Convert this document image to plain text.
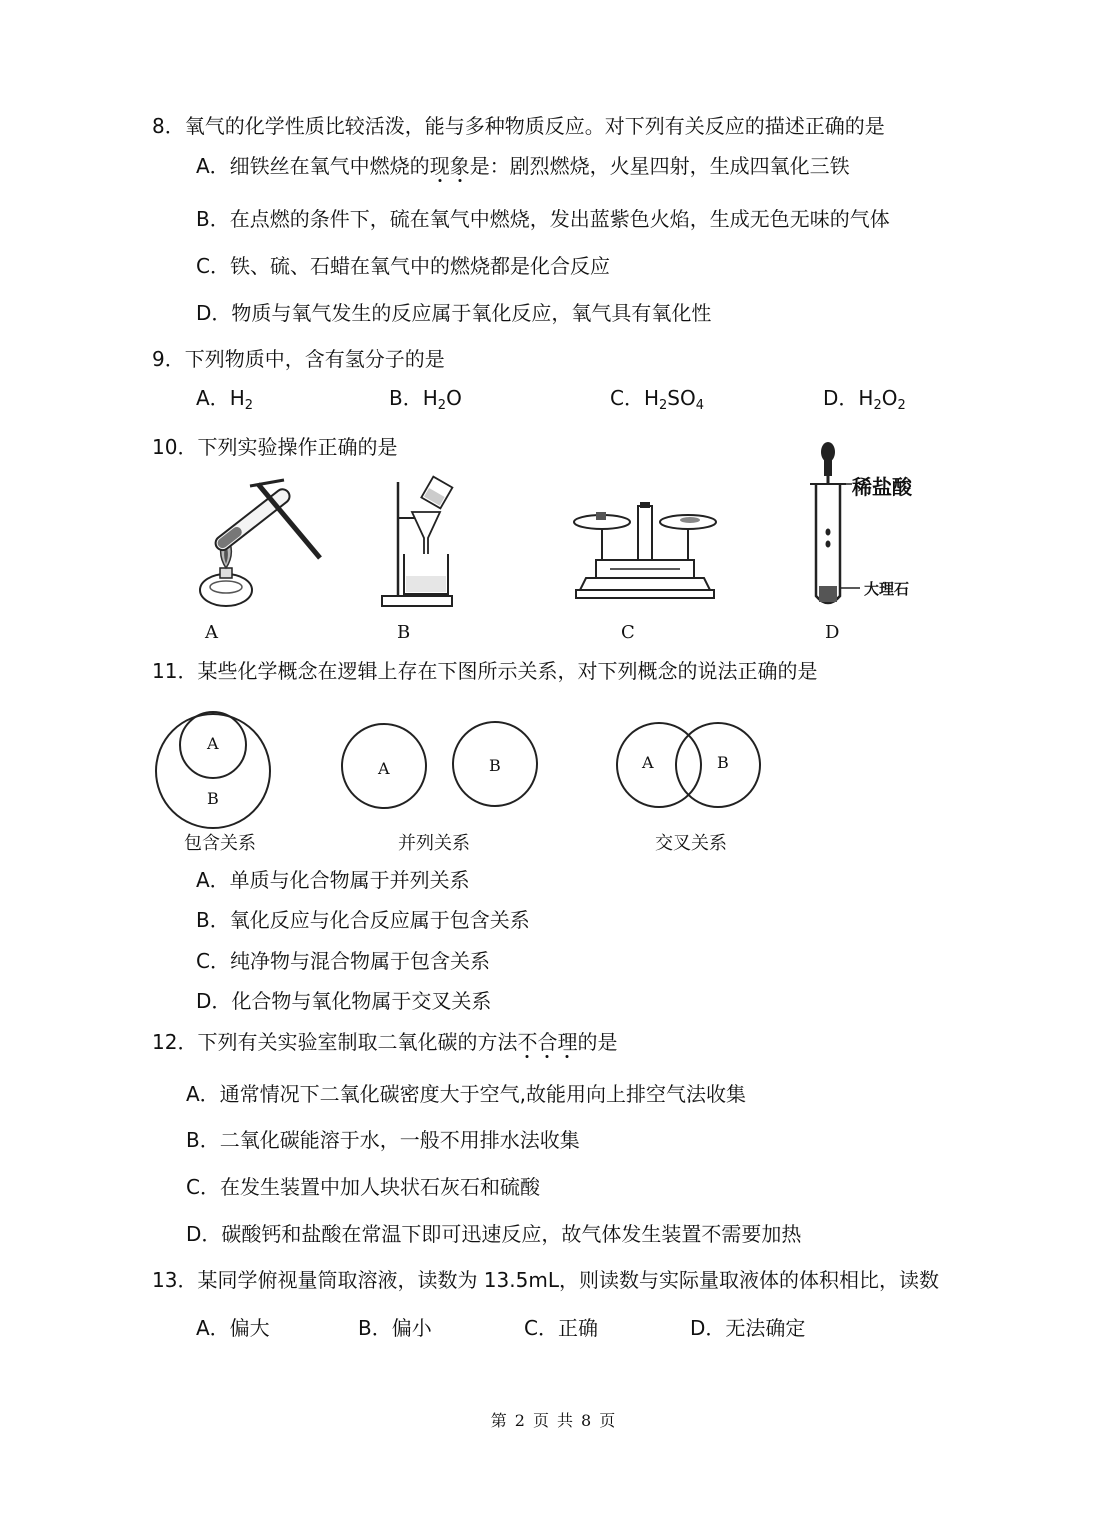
8．氧气的化学性质比较活泼，能与多种物质反应。对下列有关反应的描述正确的是
A．细铁丝在氧气中燃烧的现象是：剧烈燃烧，火星四射，生成四氧化三铁
B．在点燃的条件下，硫在氧气中燃烧，发出蓝紫色火焰，生成无色无味的气体
C．铁、硫、石蜡在氧气中的燃烧都是化合反应
D．物质与氧气发生的反应属于氧化反应，氧气具有氧化性
9．下列物质中，含有氢分子的是
A．$H_2$	B．$H_2O$	C．$H_2SO_4$	D．$H_2O_2$
10．下列实验操作正确的是
A	B	C
稀盐酸
大理石
D
11．某些化学概念在逻辑上存在下图所示关系，对下列概念的说法正确的是
A
B
包含关系
A	B
并列关系
A	B
交叉关系
A．单质与化合物属于并列关系
B．氧化反应与化合反应属于包含关系
C．纯净物与混合物属于包含关系
D．化合物与氧化物属于交叉关系
12．下列有关实验室制取二氧化碳的方法不合理的是
A．通常情况下二氧化碳密度大于空气,故能用向上排空气法收集
B．二氧化碳能溶于水，一般不用排水法收集
C．在发生装置中加人块状石灰石和硫酸
D．碳酸钙和盐酸在常温下即可迅速反应，故气体发生装置不需要加热
13．某同学俯视量筒取溶液，读数为 13.5mL，则读数与实际量取液体的体积相比，读数
A．偏大	B．偏小	C．正确	D．无法确定
第 2 页 共 8 页
